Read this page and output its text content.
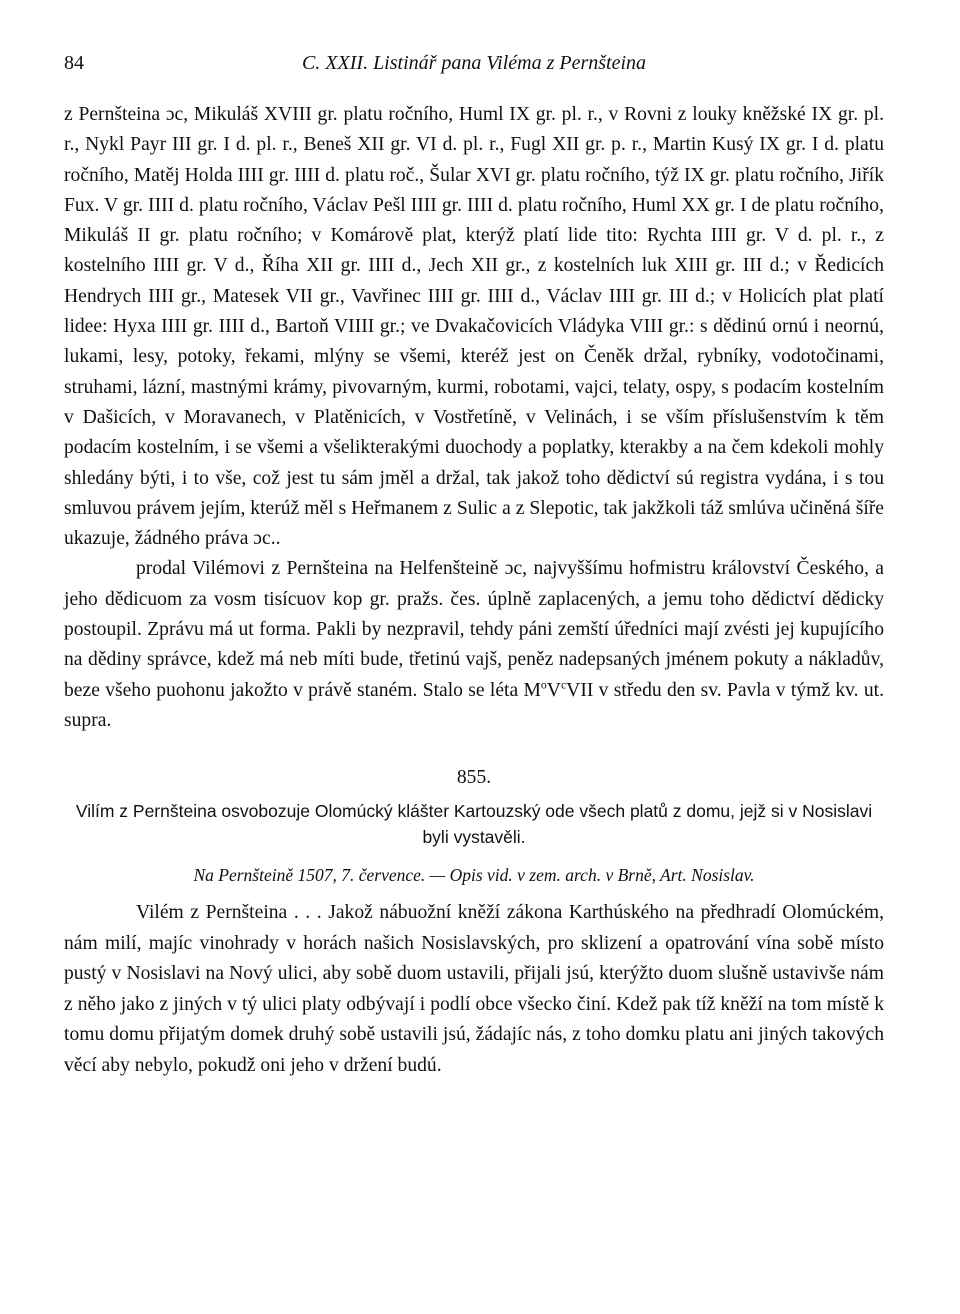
84	C. XXII. Listinář pana Viléma z Pernšteina

z Pernšteina ɔc, Mikuláš XVIII gr. platu ročního, Huml IX gr. pl. r., v Rovni z louky kněžské IX gr. pl. r., Nykl Payr III gr. I d. pl. r., Beneš XII gr. VI d. pl. r., Fugl XII gr. p. r., Martin Kusý IX gr. I d. platu ročního, Matěj Holda IIII gr. IIII d. platu roč., Šular XVI gr. platu ročního, týž IX gr. platu ročního, Jiřík Fux. V gr. IIII d. platu ročního, Václav Pešl IIII gr. IIII d. platu ročního, Huml XX gr. I de platu ročního, Mikuláš II gr. platu ročního; v Komárově plat, kterýž platí lide tito: Rychta IIII gr. V d. pl. r., z kostelního IIII gr. V d., Říha XII gr. IIII d., Jech XII gr., z kostelních luk XIII gr. III d.; v Ředicích Hendrych IIII gr., Matesek VII gr., Vavřinec IIII gr. IIII d., Václav IIII gr. III d.; v Holicích plat platí lidee: Hyxa IIII gr. IIII d., Bartoň VIIII gr.; ve Dvakačovicích Vládyka VIII gr.: s dědinú ornú i neornú, lukami, lesy, potoky, řekami, mlýny se všemi, kteréž jest on Čeněk držal, rybníky, vodotočinami, struhami, lázní, mastnými krámy, pivovarným, kurmi, robotami, vajci, telaty, ospy, s podacím kostelním v Dašicích, v Moravanech, v Platěnicích, v Vostřetíně, v Velinách, i se vším příslušenstvím k těm podacím kostelním, i se všemi a všelikterakými duochody a poplatky, kterakby a na čem kdekoli mohly shledány býti, i to vše, což jest tu sám jměl a držal, tak jakož toho dědictví sú registra vydána, i s tou smluvou právem jejím, kterúž měl s Heřmanem z Sulic a z Slepotic, tak jakžkoli táž smlúva učiněná šíře ukazuje, žádného práva ɔc..

prodal Vilémovi z Pernšteina na Helfenšteině ɔc, najvyššímu hofmistru království Českého, a jeho dědicuom za vosm tisícuov kop gr. pražs. čes. úplně zaplacených, a jemu toho dědictví dědicky postoupil. Zprávu má ut forma. Pakli by nezpravil, tehdy páni zemští úředníci mají zvésti jej kupujícího na dědiny správce, kdež má neb míti bude, třetinú vajš, peněz nadepsaných jménem pokuty a nákladův, beze všeho puohonu jakožto v právě staném. Stalo se léta $M^oV^cVII$ v středu den sv. Pavla v týmž kv. ut. supra.

855.

Vilím z Pernšteina osvobozuje Olomúcký klášter Kartouzský ode všech platů z domu, jejž si v Nosislavi byli vystavěli.

Na Pernšteině 1507, 7. července. — Opis vid. v zem. arch. v Brně, Art. Nosislav.

Vilém z Pernšteina . . . Jakož nábuožní kněží zákona Karthúského na předhradí Olomúckém, nám milí, majíc vinohrady v horách našich Nosislavských, pro sklizení a opatrování vína sobě místo pustý v Nosislavi na Nový ulici, aby sobě duom ustavili, přijali jsú, kterýžto duom slušně ustavivše nám z něho jako z jiných v tý ulici platy odbývají i podlí obce všecko činí. Kdež pak tíž kněží na tom místě k tomu domu přijatým domek druhý sobě ustavili jsú, žádajíc nás, z toho domku platu ani jiných takových věcí aby nebylo, pokudž oni jeho v držení budú.
